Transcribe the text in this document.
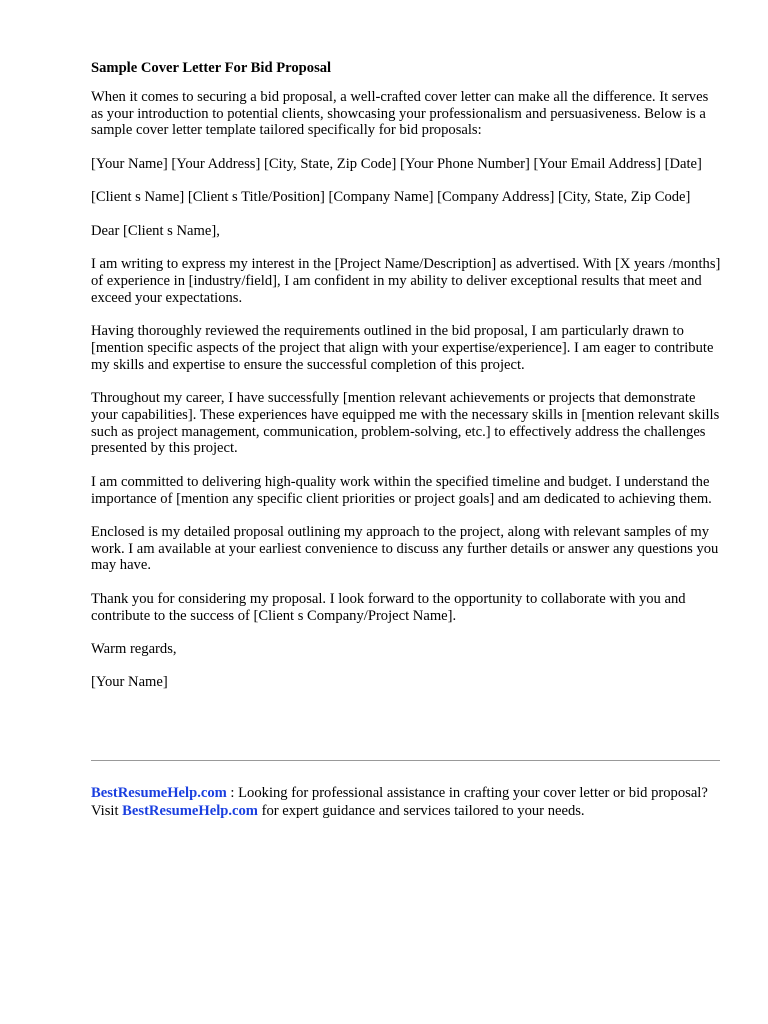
Sample Cover Letter For Bid Proposal

When it comes to securing a bid proposal, a well-crafted cover letter can make all the difference. It serves as your introduction to potential clients, showcasing your professionalism and persuasiveness. Below is a sample cover letter template tailored specifically for bid proposals:

[Your Name] [Your Address] [City, State, Zip Code] [Your Phone Number] [Your Email Address] [Date]

[Client s Name] [Client s Title/Position] [Company Name] [Company Address] [City, State, Zip Code]

Dear [Client s Name],

I am writing to express my interest in the [Project Name/Description] as advertised. With [X years /months] of experience in [industry/field], I am confident in my ability to deliver exceptional results that meet and exceed your expectations.

Having thoroughly reviewed the requirements outlined in the bid proposal, I am particularly drawn to [mention specific aspects of the project that align with your expertise/experience]. I am eager to contribute my skills and expertise to ensure the successful completion of this project.

Throughout my career, I have successfully [mention relevant achievements or projects that demonstrate your capabilities]. These experiences have equipped me with the necessary skills in [mention relevant skills such as project management, communication, problem-solving, etc.] to effectively address the challenges presented by this project.

I am committed to delivering high-quality work within the specified timeline and budget. I understand the importance of [mention any specific client priorities or project goals] and am dedicated to achieving them.

Enclosed is my detailed proposal outlining my approach to the project, along with relevant samples of my work. I am available at your earliest convenience to discuss any further details or answer any questions you may have.

Thank you for considering my proposal. I look forward to the opportunity to collaborate with you and contribute to the success of [Client s Company/Project Name].

Warm regards,

[Your Name]

BestResumeHelp.com : Looking for professional assistance in crafting your cover letter or bid proposal? Visit BestResumeHelp.com for expert guidance and services tailored to your needs.
